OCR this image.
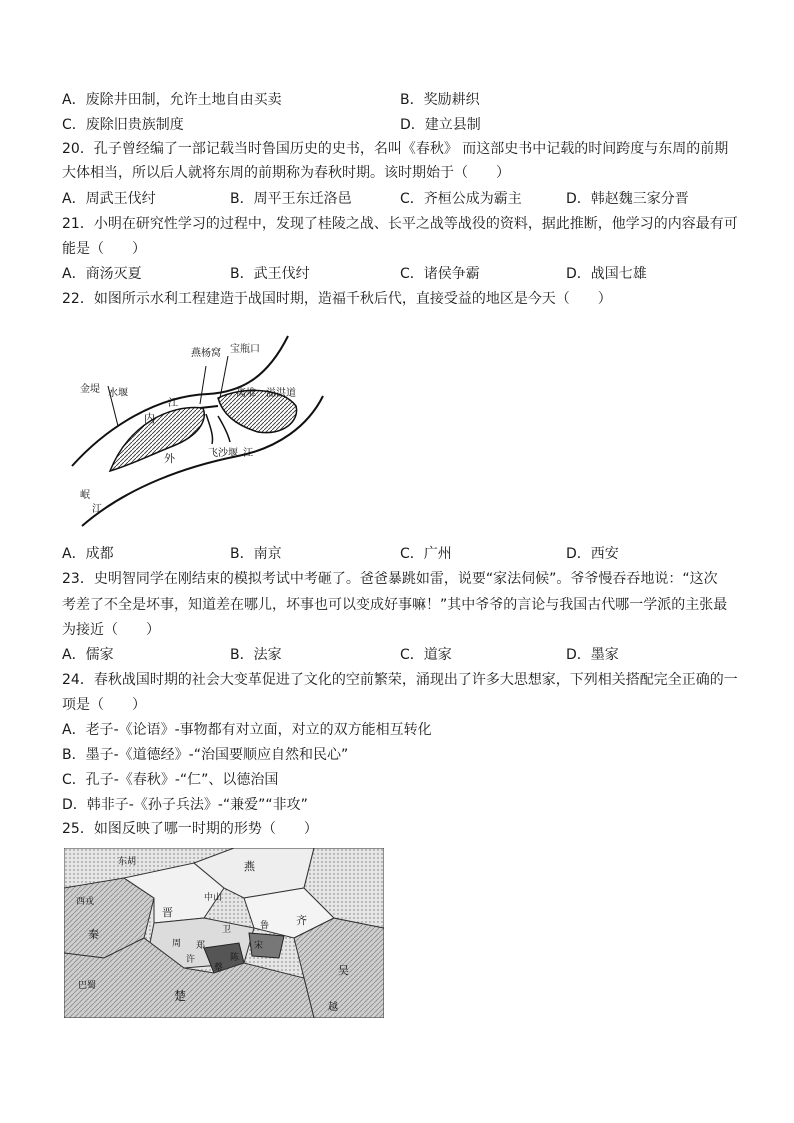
A．废除井田制，允许土地自由买卖	B．奖励耕织
C．废除旧贵族制度	D．建立县制
20．孔子曾经编了一部记载当时鲁国历史的史书，名叫《春秋》 而这部史书中记载的时间跨度与东周的前期
大体相当，所以后人就将东周的前期称为春秋时期。该时期始于（　　）
A．周武王伐纣	B．周平王东迁洛邑	C．齐桓公成为霸主	D．韩赵魏三家分晋
21．小明在研究性学习的过程中，发现了桂陵之战、长平之战等战役的资料，据此推断，他学习的内容最有可
能是（　　）
A．商汤灭夏	B．武王伐纣	C．诸侯争霸	D．战国七雄
22．如图所示水利工程建造于战国时期，造福千秋后代，直接受益的地区是今天（　　）
燕杨窝 宝瓶口
金堤 水堰
江
内
离堆 溢洪道
飞沙堰 江
外
岷
江
A．成都	B．南京	C．广州	D．西安
23．史明智同学在刚结束的模拟考试中考砸了。爸爸暴跳如雷，说要“家法伺候”。爷爷慢吞吞地说：“这次
考差了不全是坏事，知道差在哪儿，坏事也可以变成好事嘛！”其中爷爷的言论与我国古代哪一学派的主张最
为接近（　　）
A．儒家	B．法家	C．道家	D．墨家
24．春秋战国时期的社会大变革促进了文化的空前繁荣，涌现出了许多大思想家，下列相关搭配完全正确的一
项是（　　）
A．老子-《论语》-事物都有对立面，对立的双方能相互转化
B．墨子-《道德经》-“治国要顺应自然和民心”
C．孔子-《春秋》-“仁”、以德治国
D．韩非子-《孙子兵法》-“兼爱”“非攻”
25．如图反映了哪一时期的形势（　　）
东胡	燕
中山
晋
齐
西戎
秦
周
卫	鲁
郑	宋
许
蔡
陈
楚
吴
巴蜀
越
